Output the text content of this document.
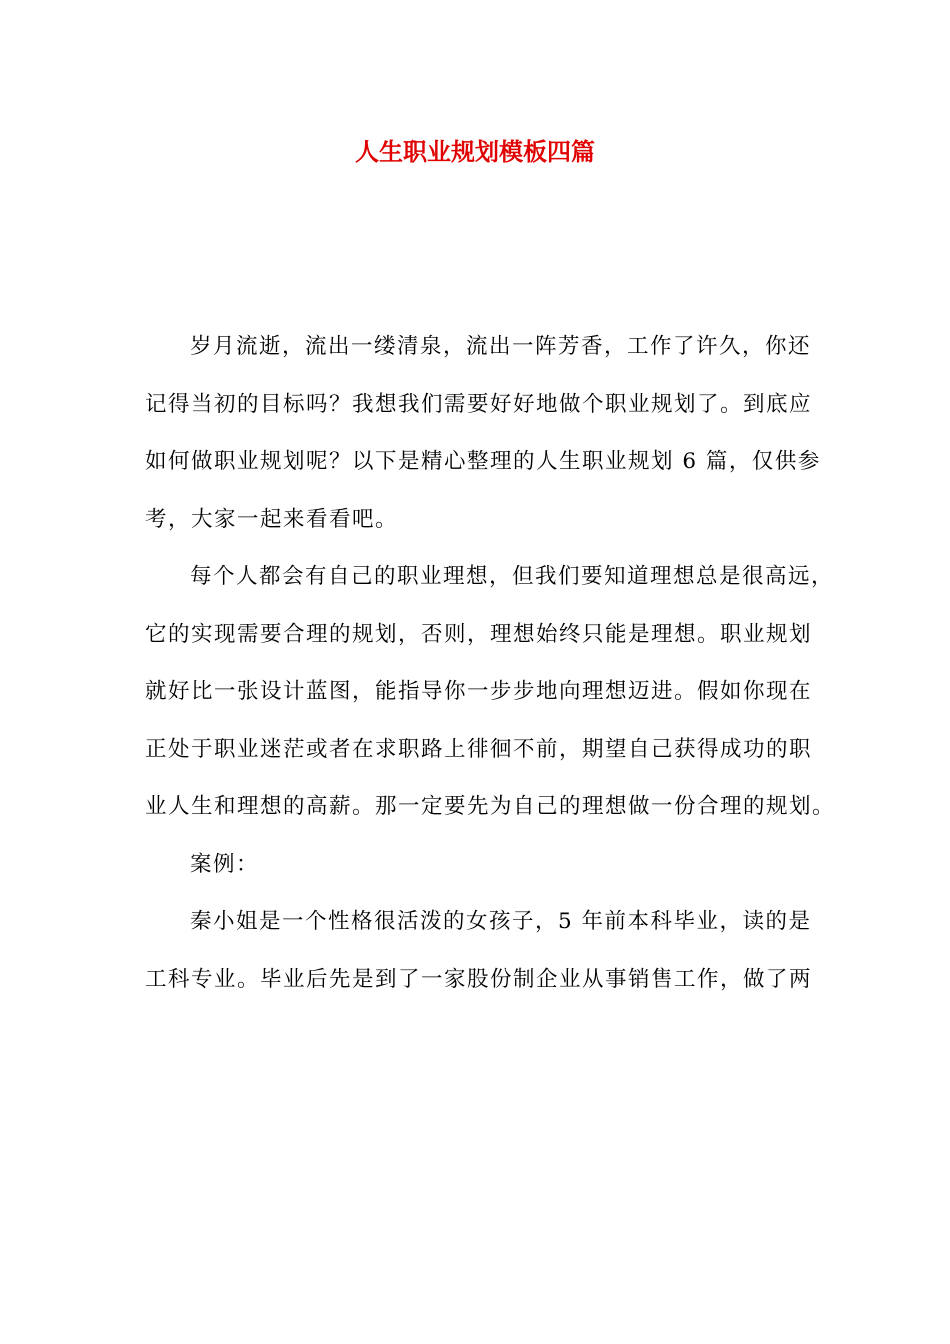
人生职业规划模板四篇

岁月流逝，流出一缕清泉，流出一阵芳香，工作了许久，你还
记得当初的目标吗？我想我们需要好好地做个职业规划了。到底应
如何做职业规划呢？以下是精心整理的人生职业规划 6 篇，仅供参
考，大家一起来看看吧。

每个人都会有自己的职业理想，但我们要知道理想总是很高远，
它的实现需要合理的规划，否则，理想始终只能是理想。职业规划
就好比一张设计蓝图，能指导你一步步地向理想迈进。假如你现在
正处于职业迷茫或者在求职路上徘徊不前，期望自己获得成功的职
业人生和理想的高薪。那一定要先为自己的理想做一份合理的规划。

案例：

秦小姐是一个性格很活泼的女孩子，5 年前本科毕业，读的是
工科专业。毕业后先是到了一家股份制企业从事销售工作，做了两
